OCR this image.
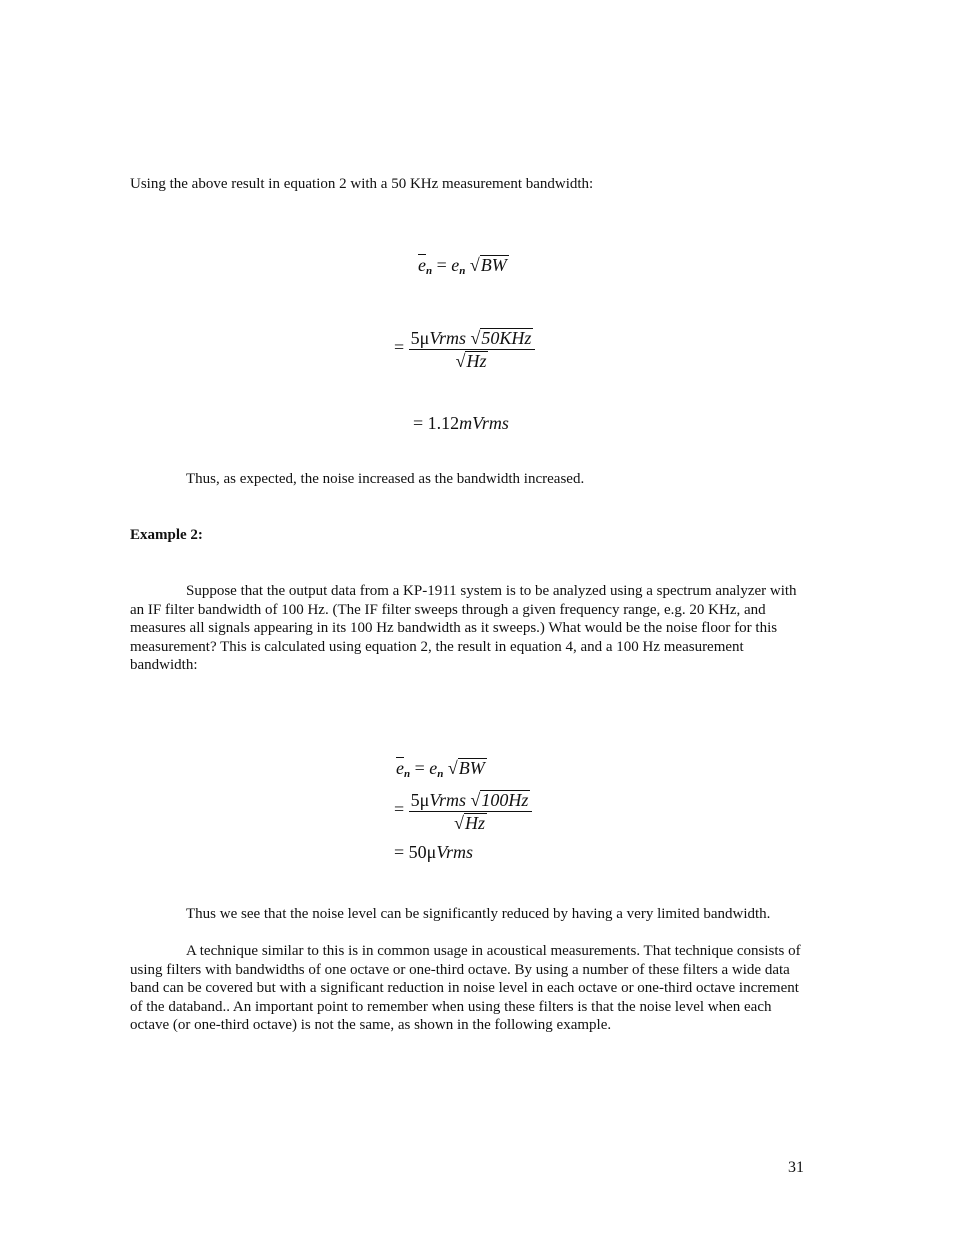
Using the above result in equation 2 with a 50 KHz measurement bandwidth:
$\overline{e}_n = e_n$ √BW
= $\frac{\text{5μVrms √50KHz}}{√Hz}$
= 1.12mVrms
Thus, as expected, the noise increased as the bandwidth increased.
Example 2:
Suppose that the output data from a KP-1911 system is to be analyzed using a spectrum analyzer with an IF filter bandwidth of 100 Hz. (The IF filter sweeps through a given frequency range, e.g. 20 KHz, and measures all signals appearing in its 100 Hz bandwidth as it sweeps.) What would be the noise floor for this measurement? This is calculated using equation 2, the result in equation 4, and a 100 Hz measurement bandwidth:
$\overline{e}_n = e_n$ √BW
= $\frac{\text{5μVrms √100Hz}}{√Hz}$
= 50μVrms
Thus we see that the noise level can be significantly reduced by having a very limited bandwidth.
A technique similar to this is in common usage in acoustical measurements. That technique consists of using filters with bandwidths of one octave or one-third octave. By using a number of these filters a wide data band can be covered but with a significant reduction in noise level in each octave or one-third octave increment of the databand.. An important point to remember when using these filters is that the noise level when each octave (or one-third octave) is not the same, as shown in the following example.
31
